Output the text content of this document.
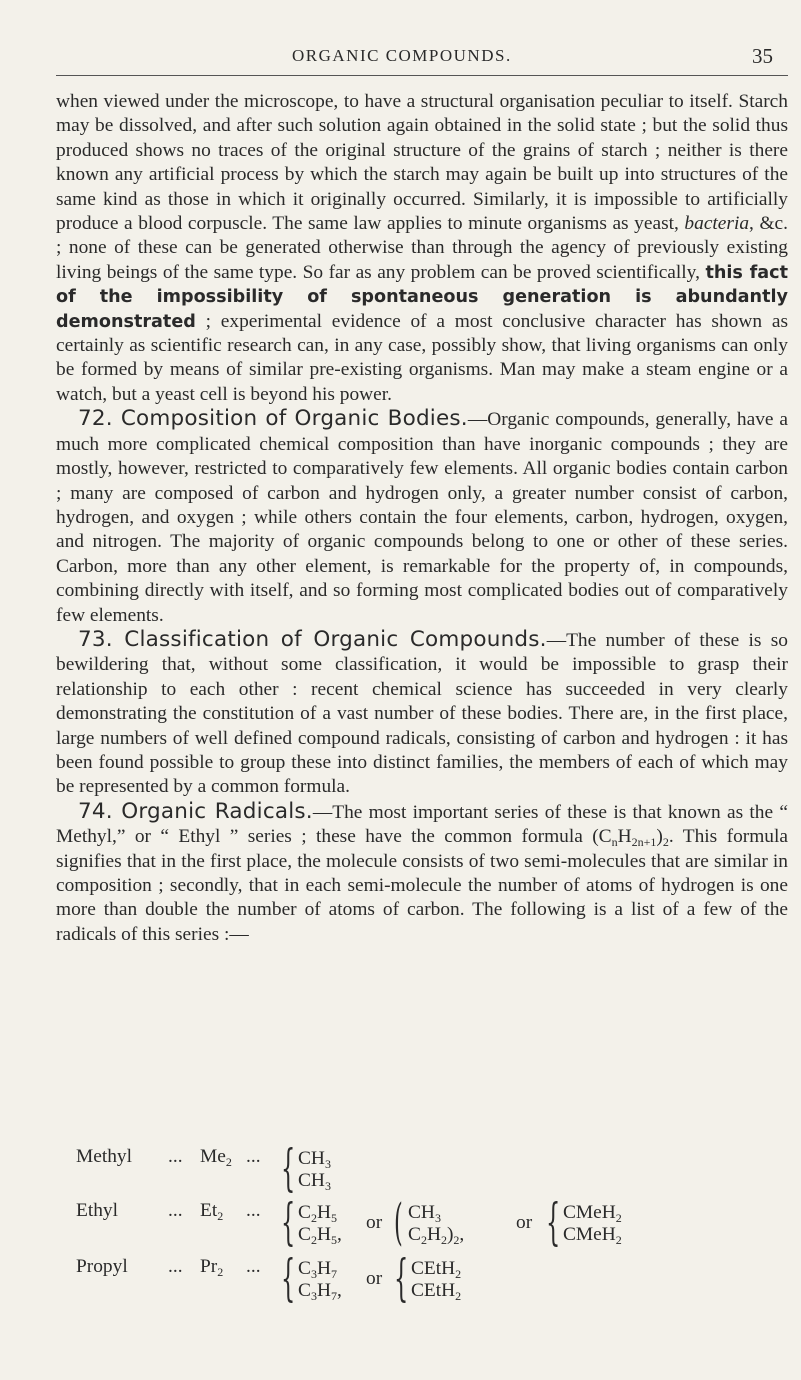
ORGANIC COMPOUNDS.	35

when viewed under the microscope, to have a structural organisation peculiar to itself. Starch may be dissolved, and after such solution again obtained in the solid state ; but the solid thus produced shows no traces of the original structure of the grains of starch ; neither is there known any artificial process by which the starch may again be built up into structures of the same kind as those in which it originally occurred. Similarly, it is impossible to artificially produce a blood corpuscle. The same law applies to minute organisms as yeast, bacteria, &c. ; none of these can be generated otherwise than through the agency of previously existing living beings of the same type. So far as any problem can be proved scientifically, this fact of the impossibility of spontaneous generation is abundantly demonstrated ; experimental evidence of a most conclusive character has shown as certainly as scientific research can, in any case, possibly show, that living organisms can only be formed by means of similar pre-existing organisms. Man may make a steam engine or a watch, but a yeast cell is beyond his power.

72. Composition of Organic Bodies.—Organic compounds, generally, have a much more complicated chemical composition than have inorganic compounds ; they are mostly, however, restricted to comparatively few elements. All organic bodies contain carbon ; many are composed of carbon and hydrogen only, a greater number consist of carbon, hydrogen, and oxygen ; while others contain the four elements, carbon, hydrogen, oxygen, and nitrogen. The majority of organic compounds belong to one or other of these series. Carbon, more than any other element, is remarkable for the property of, in compounds, combining directly with itself, and so forming most complicated bodies out of comparatively few elements.

73. Classification of Organic Compounds.—The number of these is so bewildering that, without some classification, it would be impossible to grasp their relationship to each other : recent chemical science has succeeded in very clearly demonstrating the constitution of a vast number of these bodies. There are, in the first place, large numbers of well defined compound radicals, consisting of carbon and hydrogen : it has been found possible to group these into distinct families, the members of each of which may be represented by a common formula.

74. Organic Radicals.—The most important series of these is that known as the “ Methyl,” or “ Ethyl ” series ; these have the common formula $(C_nH_{2n+1})_2$. This formula signifies that in the first place, the molecule consists of two semi-molecules that are similar in composition ; secondly, that in each semi-molecule the number of atoms of hydrogen is one more than double the number of atoms of carbon. The following is a list of a few of the radicals of this series :—

Methyl ... $Me_2$ ... { $CH_3$
$CH_3$
Ethyl	... $Et_2$ ... { $C_2H_5$
$C_2H_5$,
or ( $CH_3$
$C_2H_2)_2$,
or { CMeH$_2$
CMeH$_2$
Propyl ... $Pr_2$ ... { $C_3H_7$
$C_3H_7$,
or { CEtH$_2$
CEtH$_2$
